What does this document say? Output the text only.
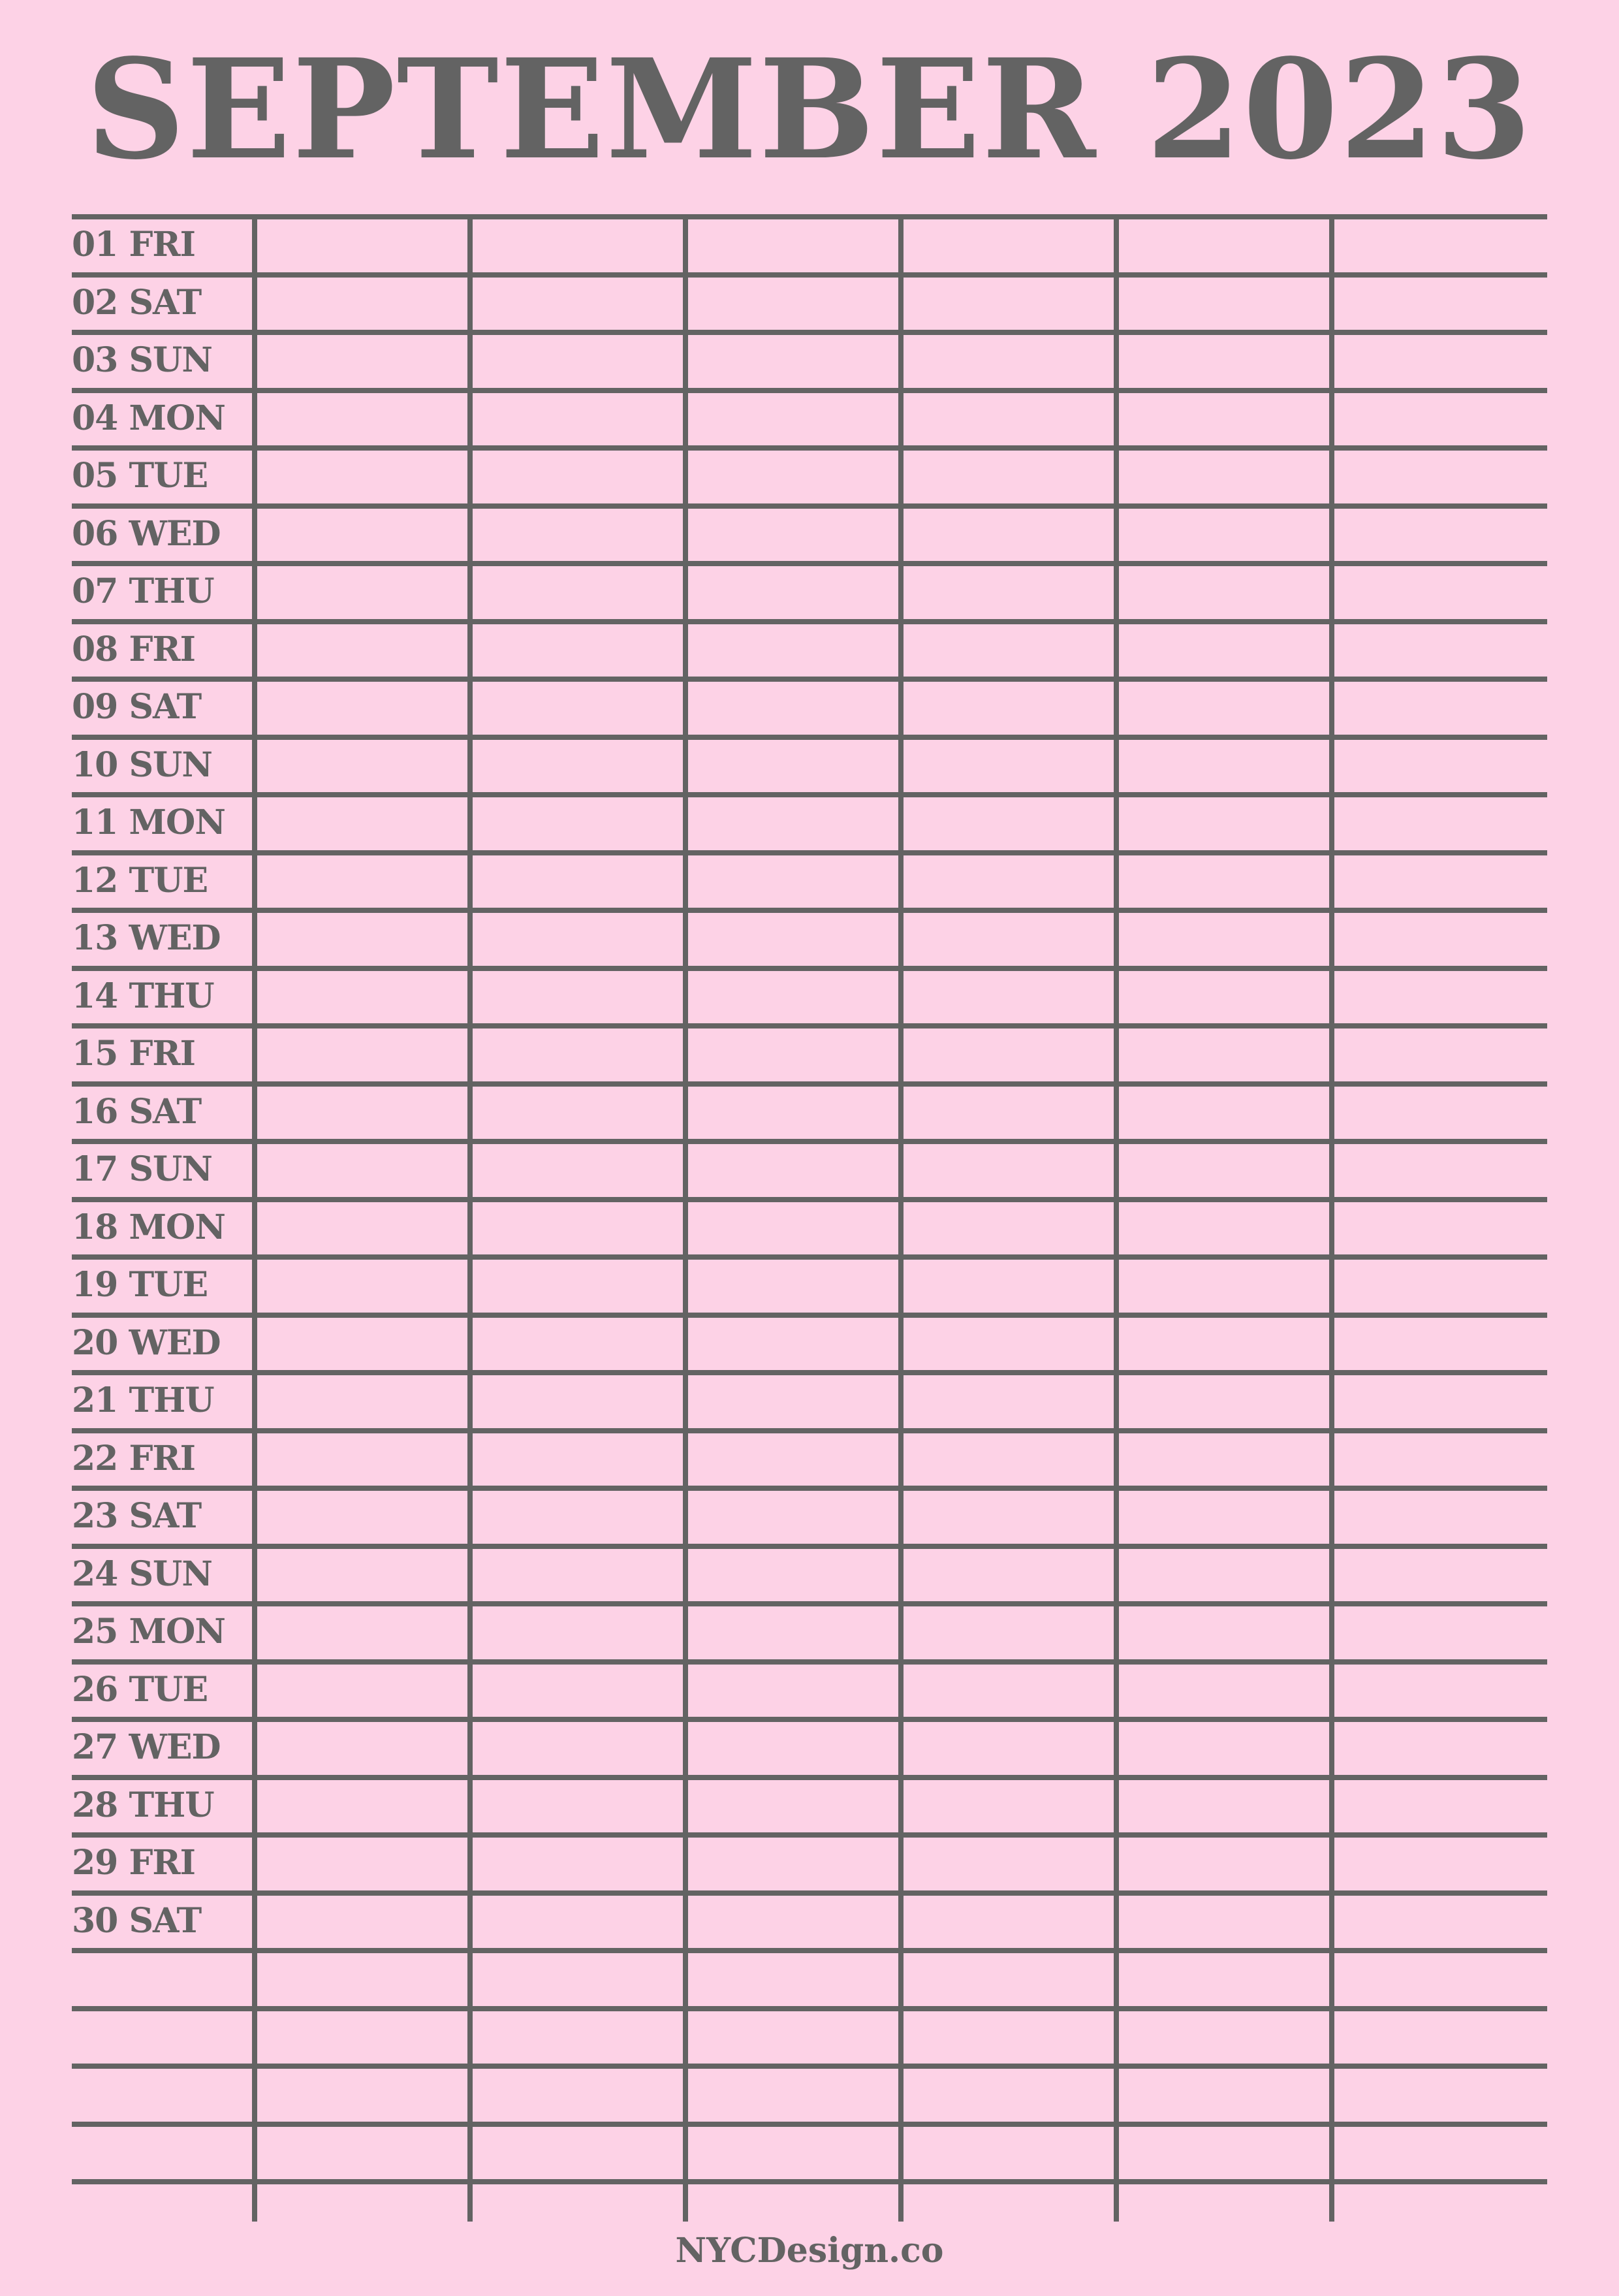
SEPTEMBER 2023
01 FRI
02 SAT
03 SUN
04 MON
05 TUE
06 WED
07 THU
08 FRI
09 SAT
10 SUN
11 MON
12 TUE
13 WED
14 THU
15 FRI
16 SAT
17 SUN
18 MON
19 TUE
20 WED
21 THU
22 FRI
23 SAT
24 SUN
25 MON
26 TUE
27 WED
28 THU
29 FRI
30 SAT
NYCDesign.co
